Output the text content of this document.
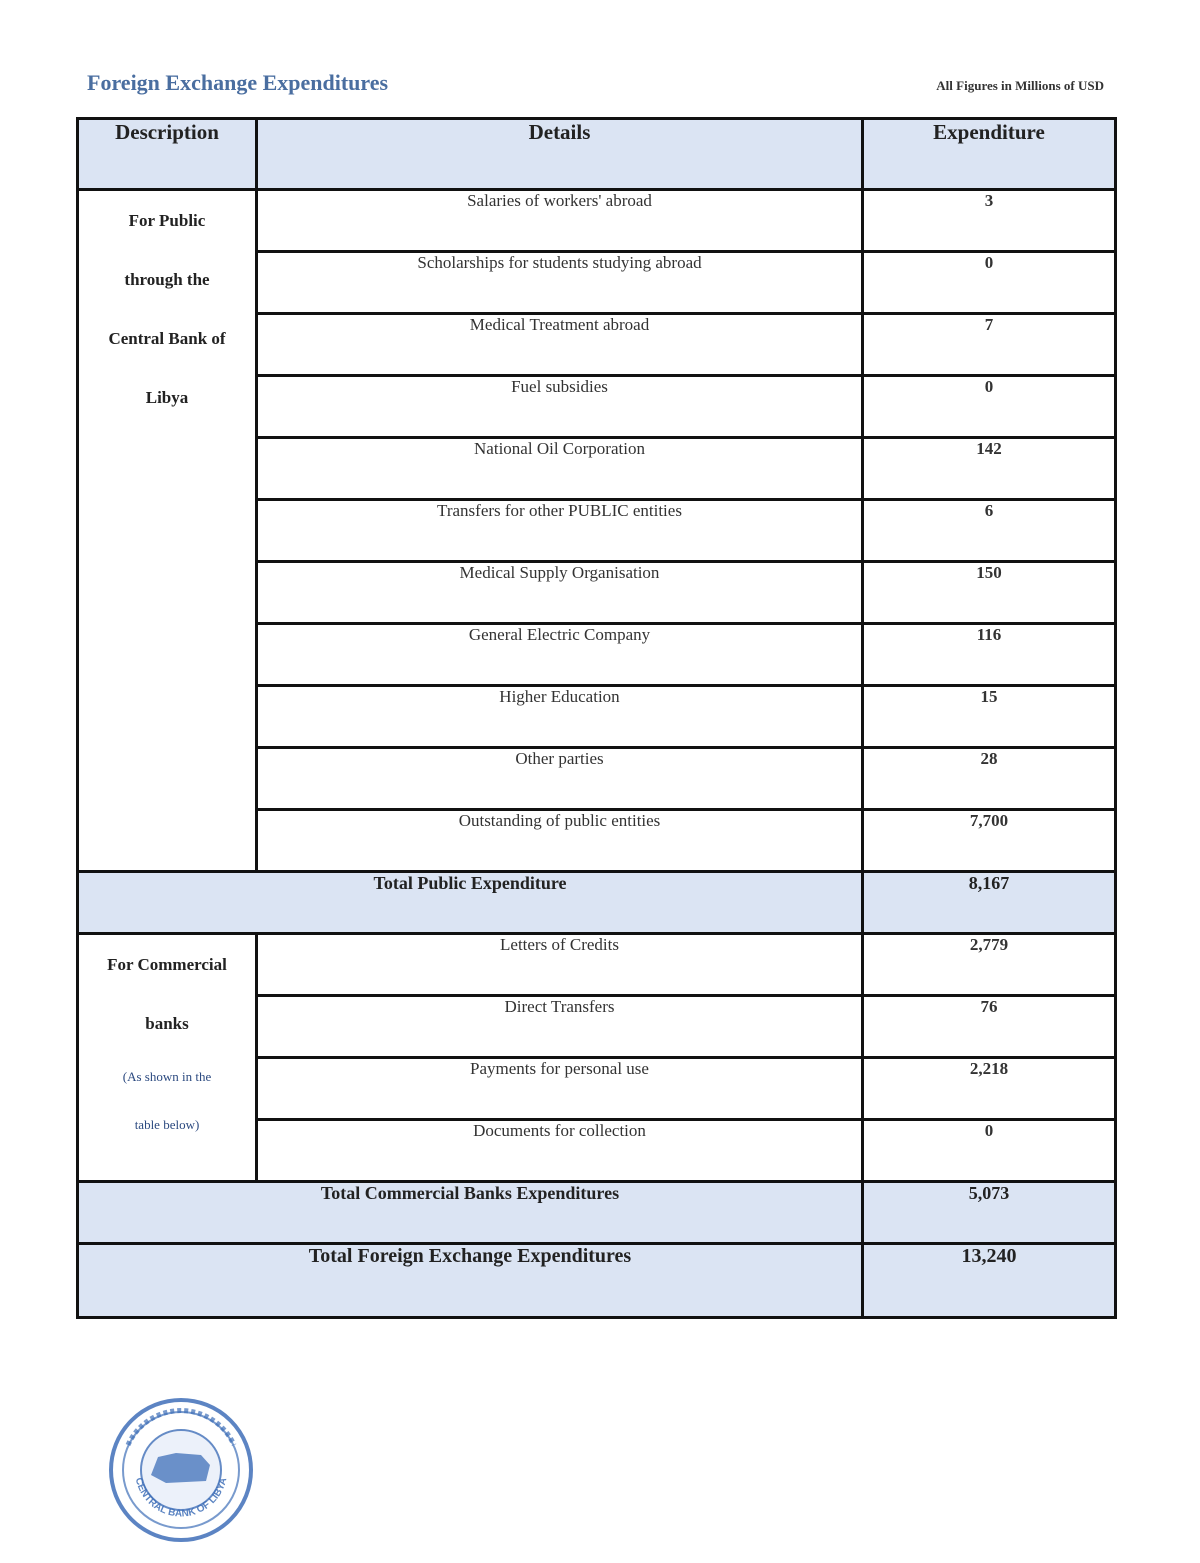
Foreign Exchange Expenditures	All Figures in Millions of USD
Description	Details	Expenditure
For Public
through the
Central Bank of
Libya	Salaries of workers' abroad	3
	Scholarships for students studying abroad	0
	Medical Treatment abroad	7
	Fuel subsidies	0
	National Oil Corporation	142
	Transfers for other PUBLIC entities	6
	Medical Supply Organisation	150
	General Electric Company	116
	Higher Education	15
	Other parties	28
	Outstanding of public entities	7,700
Total Public Expenditure		8,167
For Commercial
banks
(As shown in the
table below)	Letters of Credits	2,779
	Direct Transfers	76
	Payments for personal use	2,218
	Documents for collection	0
Total Commercial Banks Expenditures		5,073
Total Foreign Exchange Expenditures		13,240
CENTRAL BANK OF LIBYA
